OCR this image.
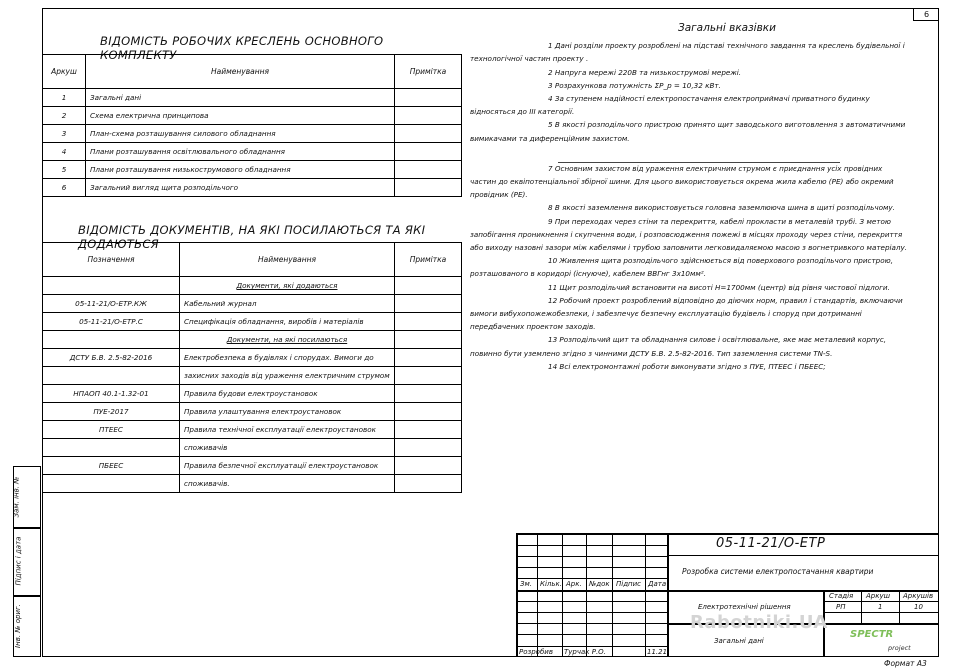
6
ВІДОМІСТЬ РОБОЧИХ КРЕСЛЕНЬ ОСНОВНОГО КОМПЛЕКТУ
Аркуш	Найменування	Примітка
1	Загальні дані	
2	Схема електрична принципова	
3	План-схема розташування силового обладнання	
4	Плани розташування освітлювального обладнання	
5	Плани розташування низькострумового обладнання	
6	Загальний вигляд щита розподільчого	
ВІДОМІСТЬ ДОКУМЕНТІВ, НА ЯКІ ПОСИЛАЮТЬСЯ ТА ЯКІ ДОДАЮТЬСЯ
Позначення	Найменування	Примітка
	Документи, які додаються	
05-11-21/О-ЕТР.КЖ	Кабельний журнал	
05-11-21/О-ЕТР.С	Специфікація обладнання, виробів і матеріалів	
	Документи, на які посилаються	
ДСТУ Б.В. 2.5-82-2016	Електробезпека в будівлях і спорудах. Вимоги до	
	захисних заходів від ураження електричним струмом	
НПАОП 40.1-1.32-01	Правила будови електроустановок	
ПУЕ-2017	Правила улаштування електроустановок	
ПТЕЕС	Правила технічної експлуатації електроустановок	
	споживачів	
ПБЕЕС	Правила безпечної експлуатації електроустановок	
	споживачів.	
Загальні вказівки

1 Дані розділи проекту розроблені на підставі технічного завдання та креслень будівельної і технологічної частин проекту .

2 Напруга мережі 220В та низькострумові мережі.

3 Розрахункова потужність ΣР_р = 10,32 кВт.

4 За ступенем надійності електропостачання електроприймачі приватного будинку відносяться до III категорії.

5 В якості розподільчого пристрою принято щит заводського виготовлення з автоматичними вимикачами та диференційним захистом.

7 Основним захистом від ураження електричним струмом є приєднання усіх провідних частин до еквіпотенціальної збірної шини. Для цього використовується окрема жила кабелю (PE) або окремий провідник (PE).

8 В якості заземлення використовується головна заземлююча шина в щиті розподільчому.

9 При переходах через стіни та перекриття, кабелі прокласти в металевій трубі. З метою запобігання проникнення і скупчення води, і розповсюдження пожежі в місцях проходу через стіни, перекриття або виходу назовні зазори між кабелями і трубою заповнити легковидаляємою масою з вогнетривкого матеріалу.

10 Живлення щита розподільчого здійснюється від поверхового розподільчого пристрою, розташованого в коридорі (існуюче), кабелем ВВГнг 3х10мм².

11 Щит розподільчий встановити на висоті H=1700мм (центр) від рівня чистової підлоги.

12 Робочий проект розроблений відповідно до діючих норм, правил і стандартів, включаючи вимоги вибухопожежобезпеки, і забезпечує безпечну експлуатацію будівель і споруд при дотриманні передбачених проектом заходів.

13 Розподільчий щит та обладнання силове і освітлювальне, яке має металевий корпус, повинно бути уземлено згідно з чинними ДСТУ Б.В. 2.5-82-2016. Тип заземлення системи TN-S.

14 Всі електромонтажні роботи виконувати згідно з ПУЕ, ПТЕЕС і ПБЕЕС;

Зам. інв. №
Підпис і дата
Інв. № ориг.
05-11-21/О-ЕТР
Розробка системи електропостачання квартири
Зм. Кільк. Арк. №док Підпис Дата
Електротехнічні рішення
Загальні дані
Стадія Аркуш Аркушів
РП	1	10
Розробив Турчак Р.О.	11.21
SPECTR
project
Rabotniki.UA
Формат А3
